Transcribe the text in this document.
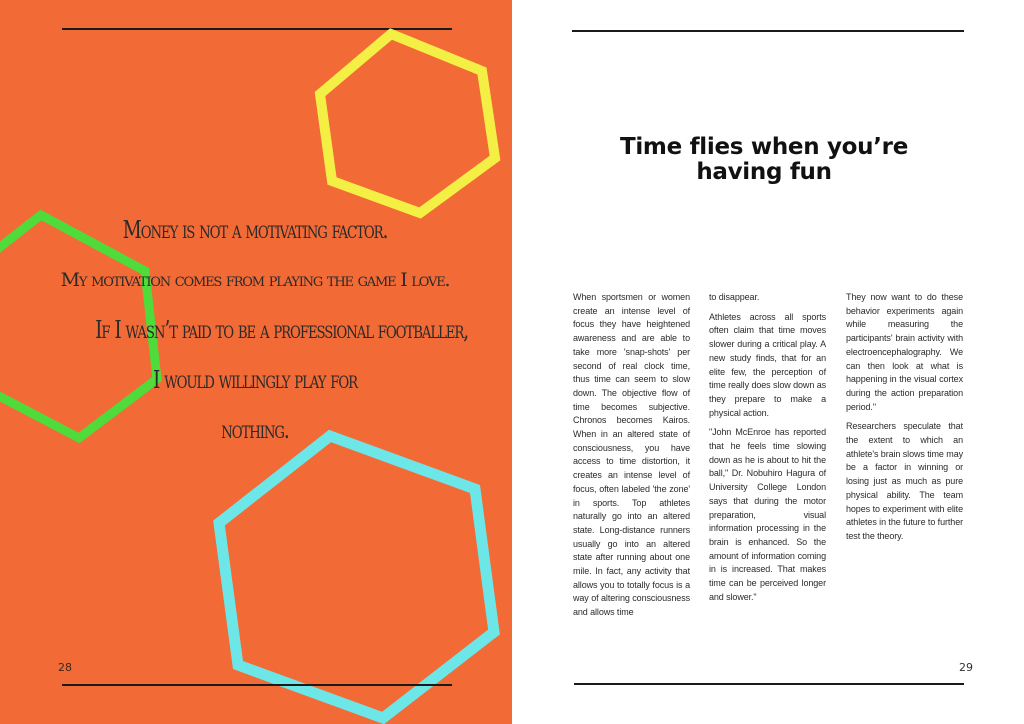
Money is not a motivating factor.

My motivation comes from playing the game I love.

If I wasn’t paid to be a professional footballer,

I would willingly play for

nothing.

28
Time flies when you’re having fun

When sportsmen or women create an intense level of focus they have heightened awareness and are able to take more 'snap-shots' per second of real clock time, thus time can seem to slow down. The objective flow of time becomes subjective. Chronos becomes Kairos. When in an altered state of consciousness, you have access to time distortion, it creates an intense level of focus, often labeled 'the zone' in sports. Top athletes naturally go into an altered state. Long-distance runners usually go into an altered state after running about one mile. In fact, any activity that allows you to totally focus is a way of altering consciousness and allows time

to disappear.

Athletes across all sports often claim that time moves slower during a critical play. A new study finds, that for an elite few, the perception of time really does slow down as they prepare to make a physical action.

"John McEnroe has reported that he feels time slowing down as he is about to hit the ball," Dr. Nobuhiro Hagura of University College London says that during the motor preparation, visual information processing in the brain is enhanced. So the amount of information coming in is increased. That makes time can be perceived longer and slower."

They now want to do these behavior experiments again while measuring the participants' brain activity with electroencephalography. We can then look at what is happening in the visual cortex during the action preparation period."

Researchers speculate that the extent to which an athlete's brain slows time may be a factor in winning or losing just as much as pure physical ability. The team hopes to experiment with elite athletes in the future to further test the theory.

29
